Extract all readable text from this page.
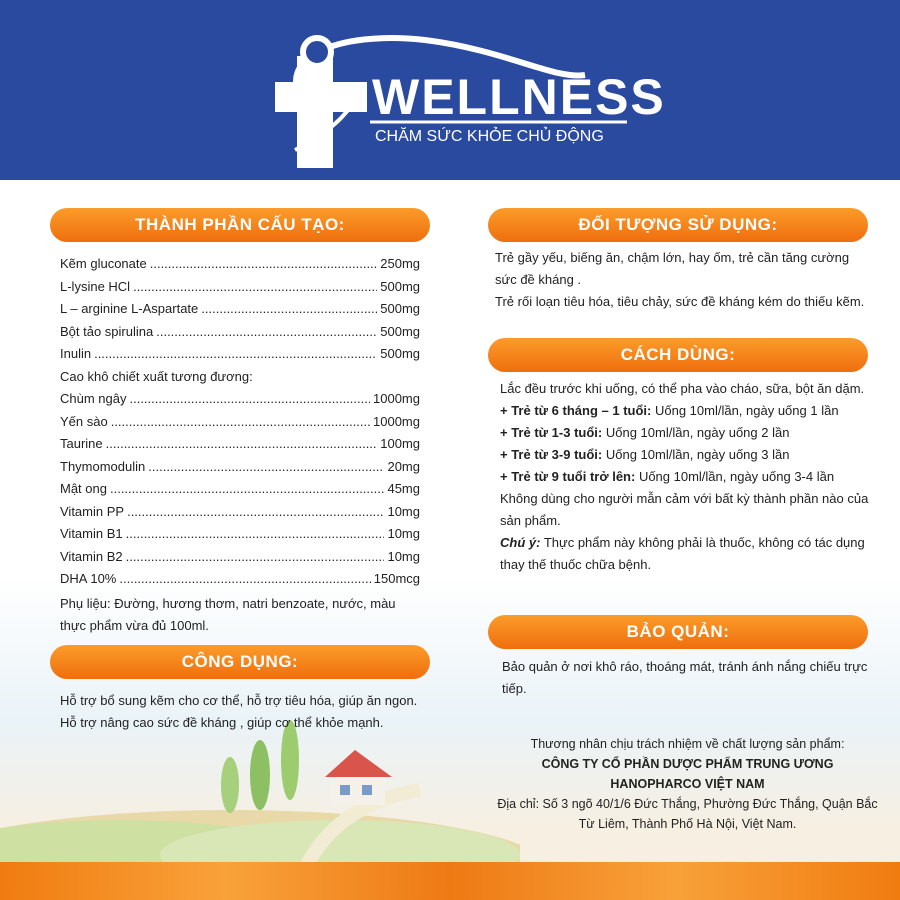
WELLNESS
CHĂM SỨC KHỎE CHỦ ĐỘNG
THÀNH PHẦN CẤU TẠO:
Kẽm gluconate .....	250mg
L-lysine HCl .....	500mg
L – arginine L-Aspartate .....	500mg
Bột tảo spirulina .....	500mg
Inulin .....	500mg
Cao khô chiết xuất tương đương:
Chùm ngây .....	1000mg
Yến sào .....	1000mg
Taurine .....	100mg
Thymomodulin .....	20mg
Mật ong .....	45mg
Vitamin PP .....	10mg
Vitamin B1 .....	10mg
Vitamin B2 .....	10mg
DHA 10% .....	150mcg

Phụ liệu: Đường, hương thơm, natri benzoate, nước, màu thực phẩm vừa đủ 100ml.

CÔNG DỤNG:
Hỗ trợ bổ sung kẽm cho cơ thể, hỗ trợ tiêu hóa, giúp ăn ngon. Hỗ trợ nâng cao sức đề kháng , giúp cơ thể khỏe mạnh.
ĐỐI TƯỢNG SỬ DỤNG:

Trẻ gầy yếu, biếng ăn, chậm lớn, hay ốm, trẻ cần tăng cường sức đề kháng .

Trẻ rối loạn tiêu hóa, tiêu chảy, sức đề kháng kém do thiếu kẽm.

CÁCH DÙNG:

Lắc đều trước khi uống, có thể pha vào cháo, sữa, bột ăn dặm.

+ Trẻ từ 6 tháng – 1 tuổi: Uống 10ml/lần, ngày uống 1 lần

+ Trẻ từ 1-3 tuổi: Uống 10ml/lần, ngày uống 2 lần

+ Trẻ từ 3-9 tuổi: Uống 10ml/lần, ngày uống 3 lần

+ Trẻ từ 9 tuổi trở lên: Uống 10ml/lần, ngày uống 3-4 lần

Không dùng cho người mẫn cảm với bất kỳ thành phần nào của sản phẩm.

Chú ý: Thực phẩm này không phải là thuốc, không có tác dụng thay thế thuốc chữa bệnh.

BẢO QUẢN:
Bảo quản ở nơi khô ráo, thoáng mát, tránh ánh nắng chiếu trực tiếp.
Thương nhân chịu trách nhiệm về chất lượng sản phẩm:
CÔNG TY CỔ PHẦN DƯỢC PHẨM TRUNG ƯƠNG
HANOPHARCO VIỆT NAM
Địa chỉ: Số 3 ngõ 40/1/6 Đức Thắng, Phường Đức Thắng, Quận Bắc Từ Liêm, Thành Phố Hà Nội, Việt Nam.
